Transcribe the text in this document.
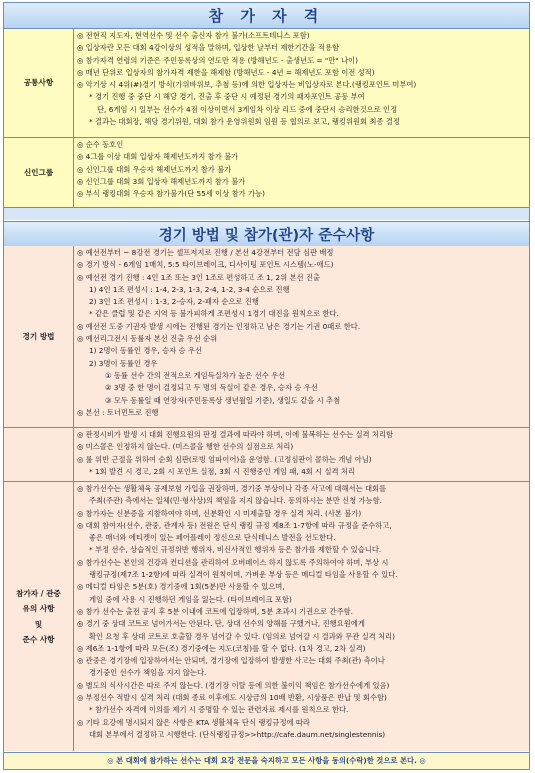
참 가 자 격
공통사항
◎ 전현직 지도자, 현역선수 및 선수 출신자 참가 불가(소프트테니스 포함)
◎ 입상자란 모든 대회 4강이상의 성적을 말하며, 입상한 날부터 제한기간을 적용함
◎ 참가자격 연령의 기준은 주민등록상의 연도만 적용 (방해년도 - 출생년도 = "만" 나이)
◎ 매년 단위로 입상자의 참가자격 제한을 해제함 (방해년도 - 4년 = 해제년도 포함 이전 성적)
◎ 악기상 시 4위(#)경기 방식(가위바위보, 추첨 등)에 의한 입상자는 비입상자로 본다.(랭킹포인트 미부여)
* 경기 진행 중 중단 시 해당 경기, 진출 후 중단 시 예정된 경기의 패자포인트 공동 부여
단, 6게임 시 일부는 선수가 4점 이상이면서 3게임차 이상 리드 중에 중단시 승리한것으로 인정
* 결과는 대회장, 해당 경기위원, 대회 참가 운영위원회 임원 등 협의로 보고, 랭킹위원회 최종 결정
신인그룹
◎ 순수 동호인
◎ 4그룹 이상 대회 입상자 해제년도까지 참가 불가
◎ 신인그룹 대회 우승자 해제년도까지 참가 불가
◎ 신인그룹 대회 3회 입상자 해제년도까지 참가 불가
◎ 부식 랭킹대회 우승자 참가불가(단 55세 이상 참가 가능)
경기 방법 및 참가(관)자 준수사항
경기 방법
◎ 예선전부터 ~ 8강전 경기는 셀프저지로 진행 / 본선 4강전부터 전담 심판 배정
◎ 경기 방식 - 6게임 1매치, 5:5 타이브레이크, 디사이팅 포인트 시스템(노-애드)
◎ 예선전 경기 진행 : 4인 1조 또는 3인 1조로 편성하고 조 1, 2위 본선 진출
1) 4인 1조 편성시 : 1-4, 2-3, 1-3, 2-4, 1-2, 3-4 순으로 진행
2) 3인 1조 편성시 : 1-3, 2-승자, 2-패자 순으로 진행
* 같은 클럽 및 같은 지역 등 불가피하게 조편성시 1경기 대진을 원칙으로 한다.
◎ 예선전 도중 기권자 발생 시에는 진행된 경기는 인정하고 남은 경기는 기권 0패로 한다.
◎ 예선리그전시 동률자 본선 진출 우선 순위
1) 2명이 동률인 경우, 승자 승 우선
2) 3명이 동률인 경우
① 동률 선수 간의 전적으로 게임득실차가 높은 선수 우선
② 3명 중 한 명이 결정되고 두 명의 득실이 같은 경우, 승자 승 우선
③ 모두 동률일 때 연장자(주민등록상 생년월일 기준), 생일도 같을 시 추첨
◎ 본선 : 토너먼트로 진행
◎ 판정시비가 발생 시 대회 진행요원의 판정 결과에 따라야 하며, 이에 불복하는 선수는 실격 처리함
◎ 미스콜은 인정하지 않는다. (미스콜을 행한 선수의 실점으로 처리)
◎ 룰 위반 근절을 위하여 순회 심판(로빙 엄파이어)을 운영함. (고정심판이 콜하는 개념 아님)
* 1회 발견 시 경고, 2회 시 포인트 실점, 3회 시 진행중인 게임 패, 4회 시 실격 처리
참가자 / 관중
유의 사항
및
준수 사항
◎ 참가선수는 생활체육 공제보험 가입을 권장하며, 경기중 부상이나 각종 사고에 대해서는 대회를
주최(주관) 측에서는 일체(민·형사상)의 책임을 지지 않습니다. 동의하시는 분만 신청 가능함.
◎ 참가자는 신분증을 지참하여야 하며, 신분확인 시 미제출할 경우 실격 처리. (사본 불가)
◎ 대회 참여자(선수, 관중, 관계자 등) 전원은 단식 랭킹 규정 제8조 1-7항에 따라 규정을 준수하고,
좋은 매너와 에티켓이 있는 페어플레이 정신으로 단식테니스 발전을 선도한다.
* 부정 선수, 상습적인 규정위반 행위자, 비신사적인 행위자 등은 참가를 제한할 수 있습니다.
◎ 참가선수는 본인의 건강과 컨디션을 관리하여 오버페이스 하지 않도록 주의하여야 하며, 부상 시
랭킹규정(제7조 1-2항)에 따라 실격이 원칙이며, 가벼운 부상 등은 메디컬 타임을 사용할 수 있다.
◎ 메디컬 타임은 5분(호) 경기중에 1회(5분)만 사용할 수 있으며,
게임 중에 사용 시 진행하던 게임을 잃는다. (타이브레이크 포함)
◎ 참가 선수는 출전 공지 후 5분 이내에 코트에 입장하며, 5분 초과시 기권으로 간주함.
◎ 경기 중 상대 코트로 넘어가서는 안된다. 단, 상대 선수의 양해를 구했거나, 진행요원에게
확인 요청 후 상대 코트로 호출할 경우 넘어갈 수 있다. (임의로 넘어갈 시 결과와 무관 실격 처리)
◎ 제6조 1-1항에 따라 모든(조) 경기중에는 지도(코칭)를 할 수 없다. (1차 경고, 2차 실격)
◎ 관중은 경기장에 입장하여서는 안되며, 경기장에 입장하여 발생한 사고는 대회 주최(관) 측이나
경기중인 선수가 책임을 지지 않는다.
◎ 별도의 식사시간은 따로 주지 않는다. (경기장 이탈 등에 의한 불이익 책임은 참가선수에게 있음)
◎ 부정선수 적발시 실격 처리 (대회 종료 이후에도 시상금의 10배 반환, 시상품은 반납 및 회수함)
* 참가선수 자격에 이의를 제기 시 증명할 수 있는 관련자료 제시를 원칙으로 한다.
◎ 기타 요강에 명시되지 않은 사항은 KTA 생활체육 단식 랭킹규정에 따라
대회 본부에서 결정하고 시행한다. (단식랭킹규정>>http://cafe.daum.net/singlestennis)
◎ 본 대회에 참가하는 선수는 대회 요강 전문을 숙지하고 모든 사항을 동의(수락)한 것으로 본다. ◎
